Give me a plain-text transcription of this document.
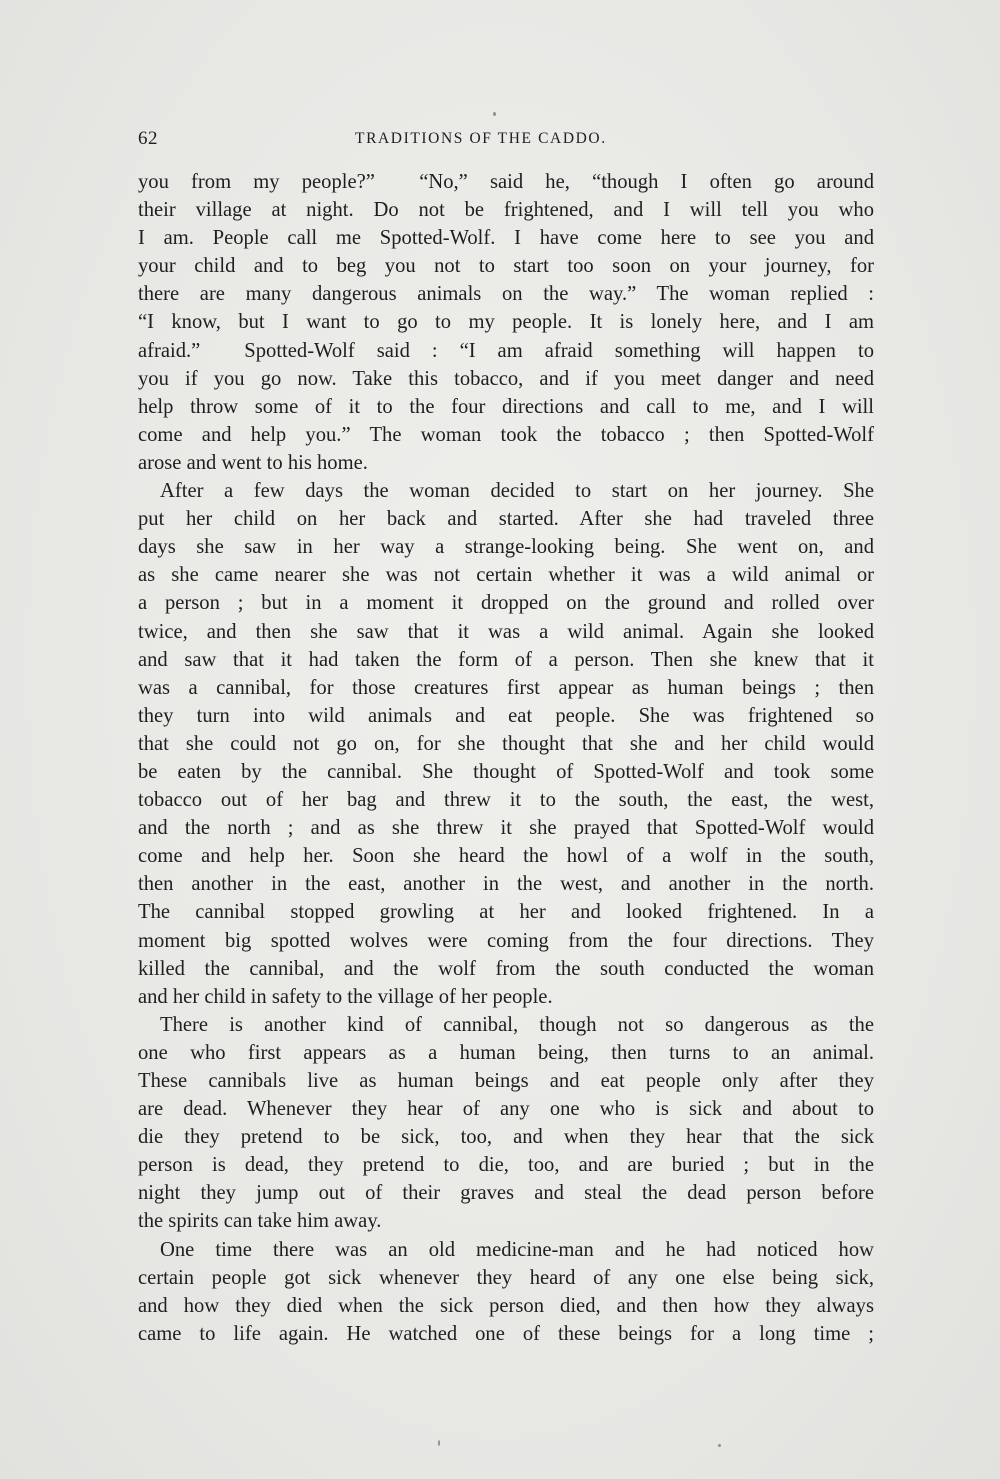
62	TRADITIONS OF THE CADDO.
you from my people?”  “No,” said he, “though I often go around
their village at night. Do not be frightened, and I will tell you who
I am. People call me Spotted-Wolf. I have come here to see you and
your child and to beg you not to start too soon on your journey, for
there are many dangerous animals on the way.” The woman replied :
“I know, but I want to go to my people. It is lonely here, and I am
afraid.”  Spotted-Wolf said : “I am afraid something will happen to
you if you go now. Take this tobacco, and if you meet danger and need
help throw some of it to the four directions and call to me, and I will
come and help you.” The woman took the tobacco ; then Spotted-Wolf
arose and went to his home.
After a few days the woman decided to start on her journey. She
put her child on her back and started. After she had traveled three
days she saw in her way a strange-looking being. She went on, and
as she came nearer she was not certain whether it was a wild animal or
a person ; but in a moment it dropped on the ground and rolled over
twice, and then she saw that it was a wild animal. Again she looked
and saw that it had taken the form of a person. Then she knew that it
was a cannibal, for those creatures first appear as human beings ; then
they turn into wild animals and eat people. She was frightened so
that she could not go on, for she thought that she and her child would
be eaten by the cannibal. She thought of Spotted-Wolf and took some
tobacco out of her bag and threw it to the south, the east, the west,
and the north ; and as she threw it she prayed that Spotted-Wolf would
come and help her. Soon she heard the howl of a wolf in the south,
then another in the east, another in the west, and another in the north.
The cannibal stopped growling at her and looked frightened. In a
moment big spotted wolves were coming from the four directions. They
killed the cannibal, and the wolf from the south conducted the woman
and her child in safety to the village of her people.
There is another kind of cannibal, though not so dangerous as the
one who first appears as a human being, then turns to an animal.
These cannibals live as human beings and eat people only after they
are dead. Whenever they hear of any one who is sick and about to
die they pretend to be sick, too, and when they hear that the sick
person is dead, they pretend to die, too, and are buried ; but in the
night they jump out of their graves and steal the dead person before
the spirits can take him away.
One time there was an old medicine-man and he had noticed how
certain people got sick whenever they heard of any one else being sick,
and how they died when the sick person died, and then how they always
came to life again. He watched one of these beings for a long time ;
